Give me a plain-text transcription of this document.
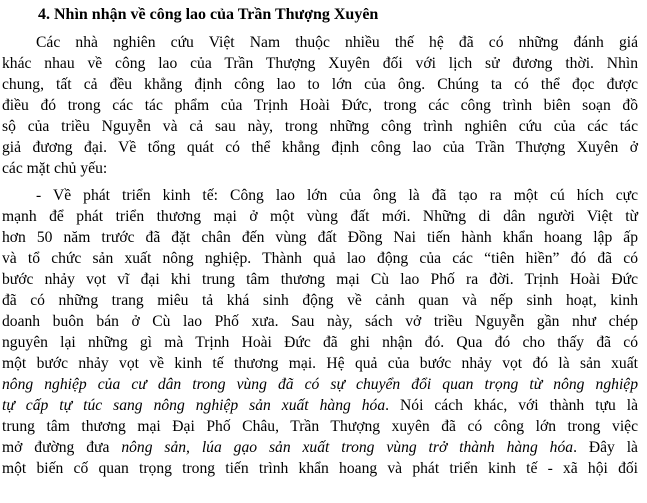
4. Nhìn nhận về công lao của Trần Thượng Xuyên
Các nhà nghiên cứu Việt Nam thuộc nhiều thế hệ đã có những đánh giá
khác nhau về công lao của Trần Thượng Xuyên đối với lịch sử đương thời. Nhìn
chung, tất cả đều khẳng định công lao to lớn của ông. Chúng ta có thể đọc được
điều đó trong các tác phẩm của Trịnh Hoài Đức, trong các công trình biên soạn đồ
sộ của triều Nguyễn và cả sau này, trong những công trình nghiên cứu của các tác
giả đương đại. Về tổng quát có thể khẳng định công lao của Trần Thượng Xuyên ở
các mặt chủ yếu:
- Về phát triển kinh tế: Công lao lớn của ông là đã tạo ra một cú hích cực
mạnh để phát triển thương mại ở một vùng đất mới. Những di dân người Việt từ
hơn 50 năm trước đã đặt chân đến vùng đất Đồng Nai tiến hành khẩn hoang lập ấp
và tổ chức sản xuất nông nghiệp. Thành quả lao động của các “tiên hiền” đó đã có
bước nhảy vọt vĩ đại khi trung tâm thương mại Cù lao Phố ra đời. Trịnh Hoài Đức
đã có những trang miêu tả khá sinh động về cảnh quan và nếp sinh hoạt, kinh
doanh buôn bán ở Cù lao Phố xưa. Sau này, sách vở triều Nguyễn gần như chép
nguyên lại những gì mà Trịnh Hoài Đức đã ghi nhận đó. Qua đó cho thấy đã có
một bước nhảy vọt về kinh tế thương mại. Hệ quả của bước nhảy vọt đó là sản xuất
nông nghiệp của cư dân trong vùng đã có sự chuyển đổi quan trọng từ nông nghiệp
tự cấp tự túc sang nông nghiệp sản xuất hàng hóa. Nói cách khác, với thành tựu là
trung tâm thương mại Đại Phố Châu, Trần Thượng xuyên đã có công lớn trong việc
mở đường đưa nông sản, lúa gạo sản xuất trong vùng trở thành hàng hóa. Đây là
một biến cố quan trọng trong tiến trình khẩn hoang và phát triển kinh tế - xã hội đối
